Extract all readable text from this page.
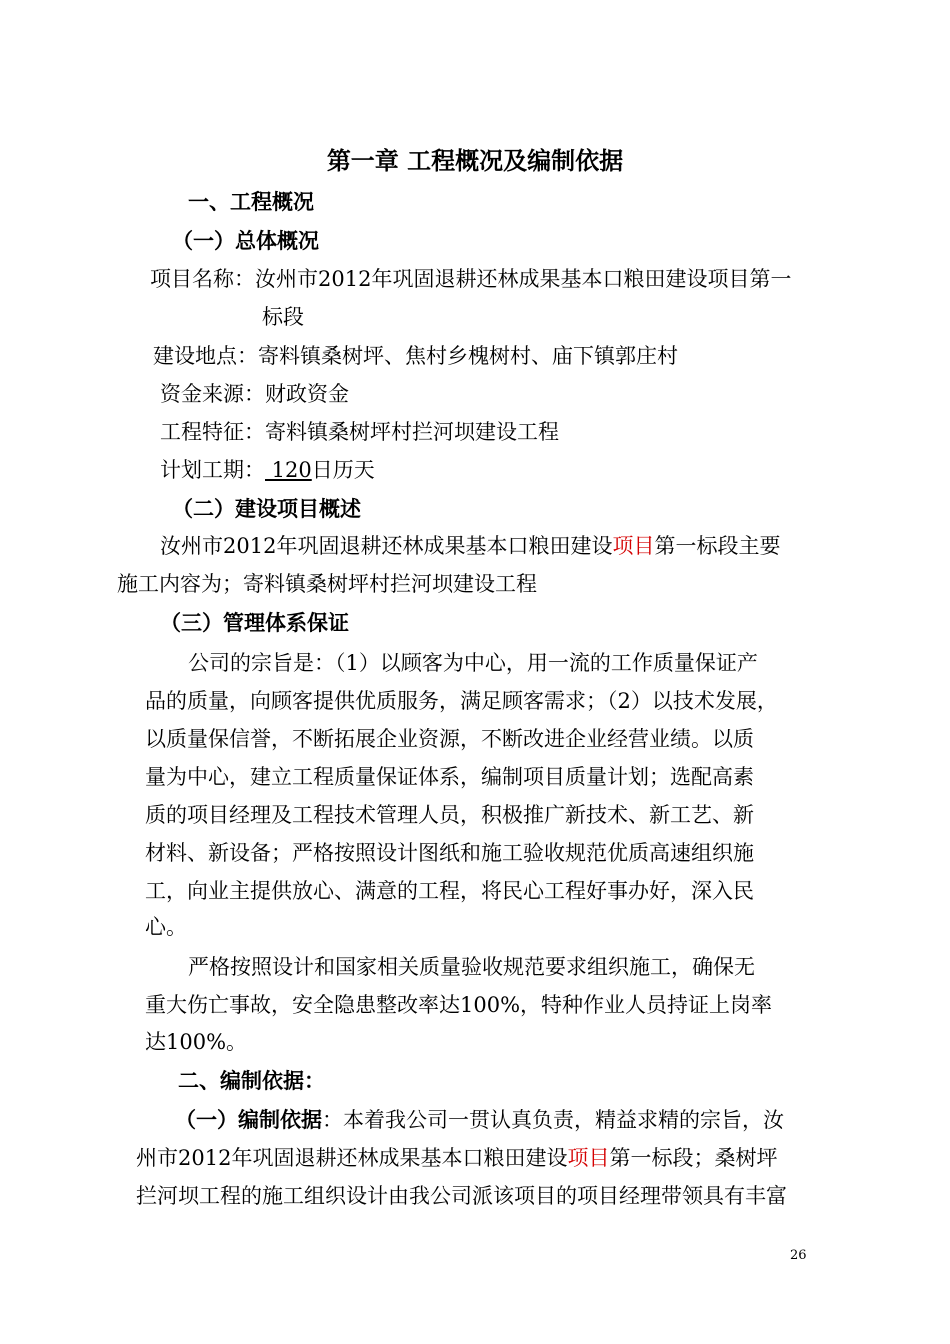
第一章 工程概况及编制依据
一、工程概况
（一）总体概况
项目名称：汝州市2012年巩固退耕还林成果基本口粮田建设项目第一
标段
建设地点：寄料镇桑树坪、焦村乡槐树村、庙下镇郭庄村
资金来源：财政资金
工程特征：寄料镇桑树坪村拦河坝建设工程
计划工期： 120日历天
（二）建设项目概述
汝州市2012年巩固退耕还林成果基本口粮田建设项目第一标段主要
施工内容为；寄料镇桑树坪村拦河坝建设工程
（三）管理体系保证
公司的宗旨是：（1）以顾客为中心，用一流的工作质量保证产
品的质量，向顾客提供优质服务，满足顾客需求；（2）以技术发展，
以质量保信誉，不断拓展企业资源，不断改进企业经营业绩。以质
量为中心，建立工程质量保证体系，编制项目质量计划；选配高素
质的项目经理及工程技术管理人员，积极推广新技术、新工艺、新
材料、新设备；严格按照设计图纸和施工验收规范优质高速组织施
工，向业主提供放心、满意的工程，将民心工程好事办好，深入民
心。
严格按照设计和国家相关质量验收规范要求组织施工，确保无
重大伤亡事故，安全隐患整改率达100%，特种作业人员持证上岗率
达100%。
二、编制依据：
（一）编制依据：本着我公司一贯认真负责，精益求精的宗旨，汝
州市2012年巩固退耕还林成果基本口粮田建设项目第一标段；桑树坪
拦河坝工程的施工组织设计由我公司派该项目的项目经理带领具有丰富
26
